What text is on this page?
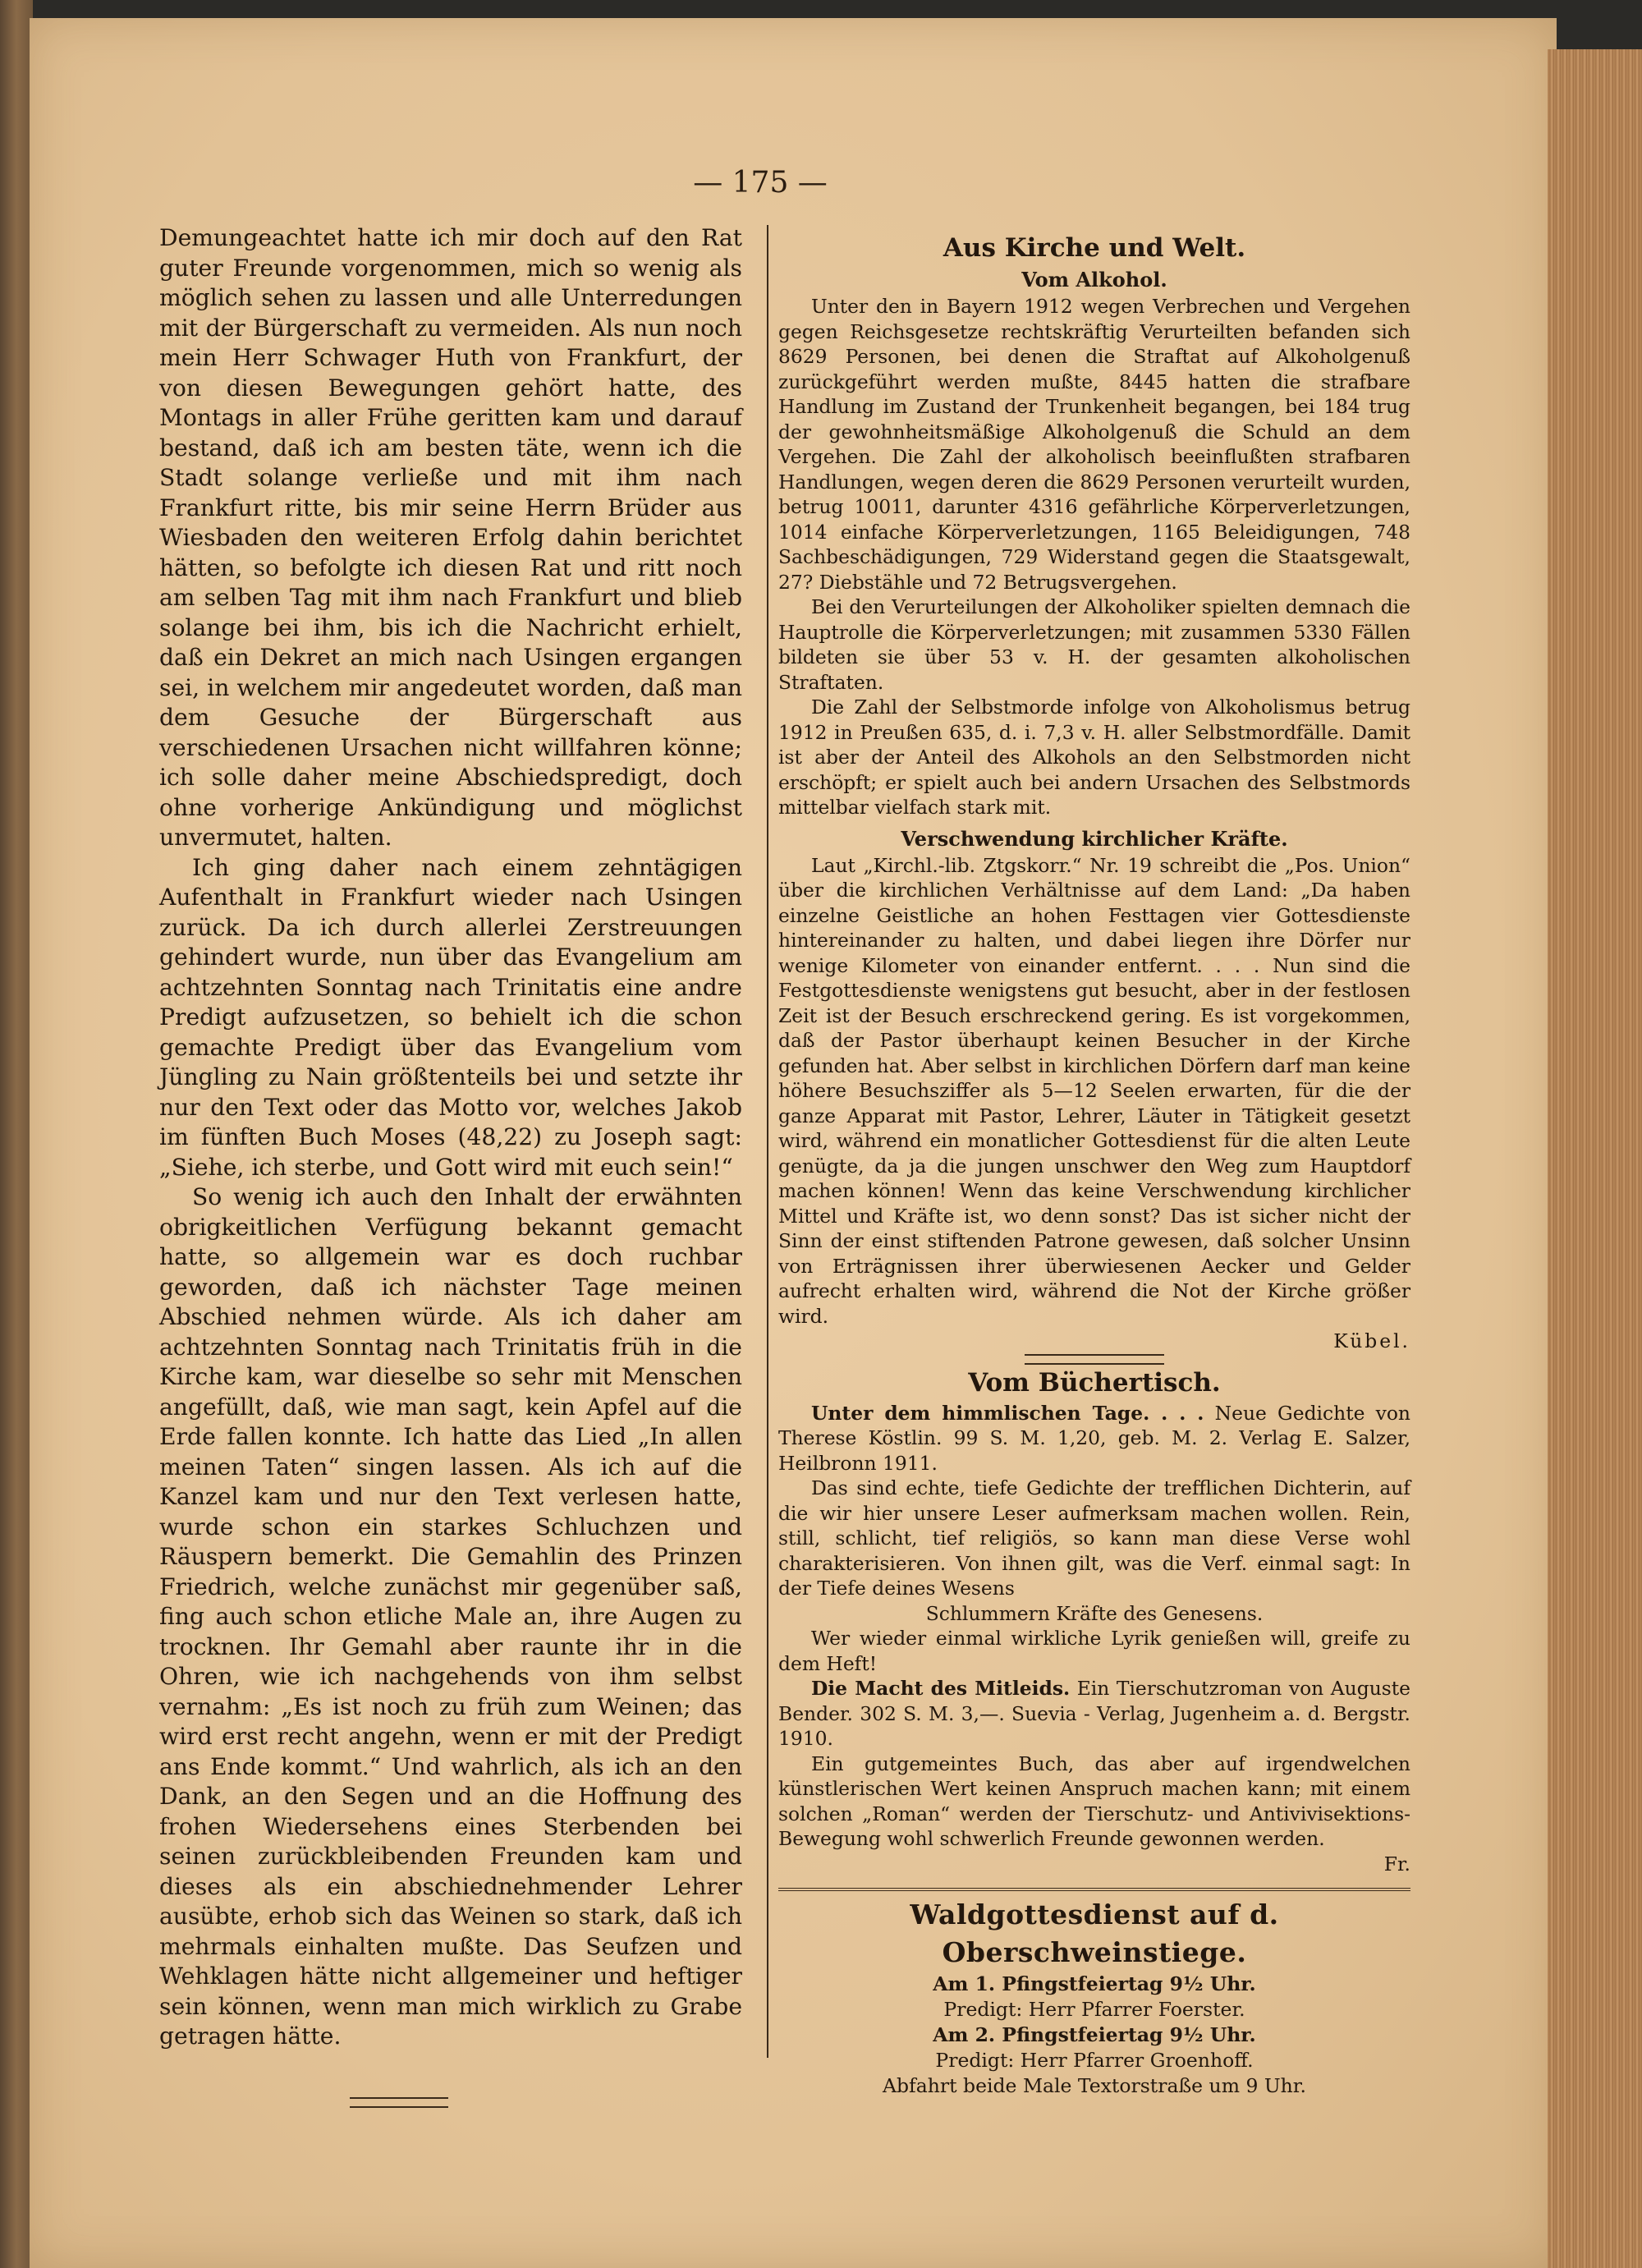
— 175 —

Demungeachtet hatte ich mir doch auf den Rat guter Freunde vorgenommen, mich so wenig als möglich sehen zu lassen und alle Unterredungen mit der Bürgerschaft zu vermeiden. Als nun noch mein Herr Schwager Huth von Frankfurt, der von diesen Bewegungen gehört hatte, des Montags in aller Frühe geritten kam und darauf bestand, daß ich am besten täte, wenn ich die Stadt solange verließe und mit ihm nach Frankfurt ritte, bis mir seine Herrn Brüder aus Wiesbaden den weiteren Erfolg dahin berichtet hätten, so befolgte ich diesen Rat und ritt noch am selben Tag mit ihm nach Frankfurt und blieb solange bei ihm, bis ich die Nachricht erhielt, daß ein Dekret an mich nach Usingen ergangen sei, in welchem mir angedeutet worden, daß man dem Gesuche der Bürgerschaft aus verschiedenen Ursachen nicht willfahren könne; ich solle daher meine Abschiedspredigt, doch ohne vorherige Ankündigung und möglichst unvermutet, halten.

Ich ging daher nach einem zehntägigen Aufenthalt in Frankfurt wieder nach Usingen zurück. Da ich durch allerlei Zerstreuungen gehindert wurde, nun über das Evangelium am achtzehnten Sonntag nach Trinitatis eine andre Predigt aufzusetzen, so behielt ich die schon gemachte Predigt über das Evangelium vom Jüngling zu Nain größtenteils bei und setzte ihr nur den Text oder das Motto vor, welches Jakob im fünften Buch Moses (48,22) zu Joseph sagt: „Siehe, ich sterbe, und Gott wird mit euch sein!“

So wenig ich auch den Inhalt der erwähnten obrigkeitlichen Verfügung bekannt gemacht hatte, so allgemein war es doch ruchbar geworden, daß ich nächster Tage meinen Abschied nehmen würde. Als ich daher am achtzehnten Sonntag nach Trinitatis früh in die Kirche kam, war dieselbe so sehr mit Menschen angefüllt, daß, wie man sagt, kein Apfel auf die Erde fallen konnte. Ich hatte das Lied „In allen meinen Taten“ singen lassen. Als ich auf die Kanzel kam und nur den Text verlesen hatte, wurde schon ein starkes Schluchzen und Räuspern bemerkt. Die Gemahlin des Prinzen Friedrich, welche zunächst mir gegenüber saß, fing auch schon etliche Male an, ihre Augen zu trocknen. Ihr Gemahl aber raunte ihr in die Ohren, wie ich nachgehends von ihm selbst vernahm: „Es ist noch zu früh zum Weinen; das wird erst recht angehn, wenn er mit der Predigt ans Ende kommt.“ Und wahrlich, als ich an den Dank, an den Segen und an die Hoffnung des frohen Wiedersehens eines Sterbenden bei seinen zurückbleibenden Freunden kam und dieses als ein abschiednehmender Lehrer ausübte, erhob sich das Weinen so stark, daß ich mehrmals einhalten mußte. Das Seufzen und Wehklagen hätte nicht allgemeiner und heftiger sein können, wenn man mich wirklich zu Grabe getragen hätte.

Aus Kirche und Welt.

Vom Alkohol.

Unter den in Bayern 1912 wegen Verbrechen und Vergehen gegen Reichsgesetze rechtskräftig Verurteilten befanden sich 8629 Personen, bei denen die Straftat auf Alkoholgenuß zurückgeführt werden mußte, 8445 hatten die strafbare Handlung im Zustand der Trunkenheit begangen, bei 184 trug der gewohnheitsmäßige Alkoholgenuß die Schuld an dem Vergehen. Die Zahl der alkoholisch beeinflußten strafbaren Handlungen, wegen deren die 8629 Personen verurteilt wurden, betrug 10011, darunter 4316 gefährliche Körperverletzungen, 1014 einfache Körperverletzungen, 1165 Beleidigungen, 748 Sachbeschädigungen, 729 Widerstand gegen die Staatsgewalt, 27? Diebstähle und 72 Betrugsvergehen.

Bei den Verurteilungen der Alkoholiker spielten demnach die Hauptrolle die Körperverletzungen; mit zusammen 5330 Fällen bildeten sie über 53 v. H. der gesamten alkoholischen Straftaten.

Die Zahl der Selbstmorde infolge von Alkoholismus betrug 1912 in Preußen 635, d. i. 7,3 v. H. aller Selbstmordfälle. Damit ist aber der Anteil des Alkohols an den Selbstmorden nicht erschöpft; er spielt auch bei andern Ursachen des Selbstmords mittelbar vielfach stark mit.

Verschwendung kirchlicher Kräfte.

Laut „Kirchl.-lib. Ztgskorr.“ Nr. 19 schreibt die „Pos. Union“ über die kirchlichen Verhältnisse auf dem Land: „Da haben einzelne Geistliche an hohen Festtagen vier Gottesdienste hintereinander zu halten, und dabei liegen ihre Dörfer nur wenige Kilometer von einander entfernt. . . . Nun sind die Festgottesdienste wenigstens gut besucht, aber in der festlosen Zeit ist der Besuch erschreckend gering. Es ist vorgekommen, daß der Pastor überhaupt keinen Besucher in der Kirche gefunden hat. Aber selbst in kirchlichen Dörfern darf man keine höhere Besuchsziffer als 5—12 Seelen erwarten, für die der ganze Apparat mit Pastor, Lehrer, Läuter in Tätigkeit gesetzt wird, während ein monatlicher Gottesdienst für die alten Leute genügte, da ja die jungen unschwer den Weg zum Hauptdorf machen können! Wenn das keine Verschwendung kirchlicher Mittel und Kräfte ist, wo denn sonst? Das ist sicher nicht der Sinn der einst stiftenden Patrone gewesen, daß solcher Unsinn von Erträgnissen ihrer überwiesenen Aecker und Gelder aufrecht erhalten wird, während die Not der Kirche größer wird.

Kübel.

Vom Büchertisch.

Unter dem himmlischen Tage. . . . Neue Gedichte von Therese Köstlin. 99 S. M. 1,20, geb. M. 2. Verlag E. Salzer, Heilbronn 1911.

Das sind echte, tiefe Gedichte der trefflichen Dichterin, auf die wir hier unsere Leser aufmerksam machen wollen. Rein, still, schlicht, tief religiös, so kann man diese Verse wohl charakterisieren. Von ihnen gilt, was die Verf. einmal sagt: In der Tiefe deines Wesens

Schlummern Kräfte des Genesens.

Wer wieder einmal wirkliche Lyrik genießen will, greife zu dem Heft!

Die Macht des Mitleids. Ein Tierschutzroman von Auguste Bender. 302 S. M. 3,—. Suevia - Verlag, Jugenheim a. d. Bergstr. 1910.

Ein gutgemeintes Buch, das aber auf irgendwelchen künstlerischen Wert keinen Anspruch machen kann; mit einem solchen „Roman“ werden der Tierschutz- und Antivivisektions-Bewegung wohl schwerlich Freunde gewonnen werden.

Fr.

Waldgottesdienst auf d. Oberschweinstiege.
Am 1. Pfingstfeiertag 9½ Uhr.
Predigt: Herr Pfarrer Foerster.
Am 2. Pfingstfeiertag 9½ Uhr.
Predigt: Herr Pfarrer Groenhoff.
Abfahrt beide Male Textorstraße um 9 Uhr.
